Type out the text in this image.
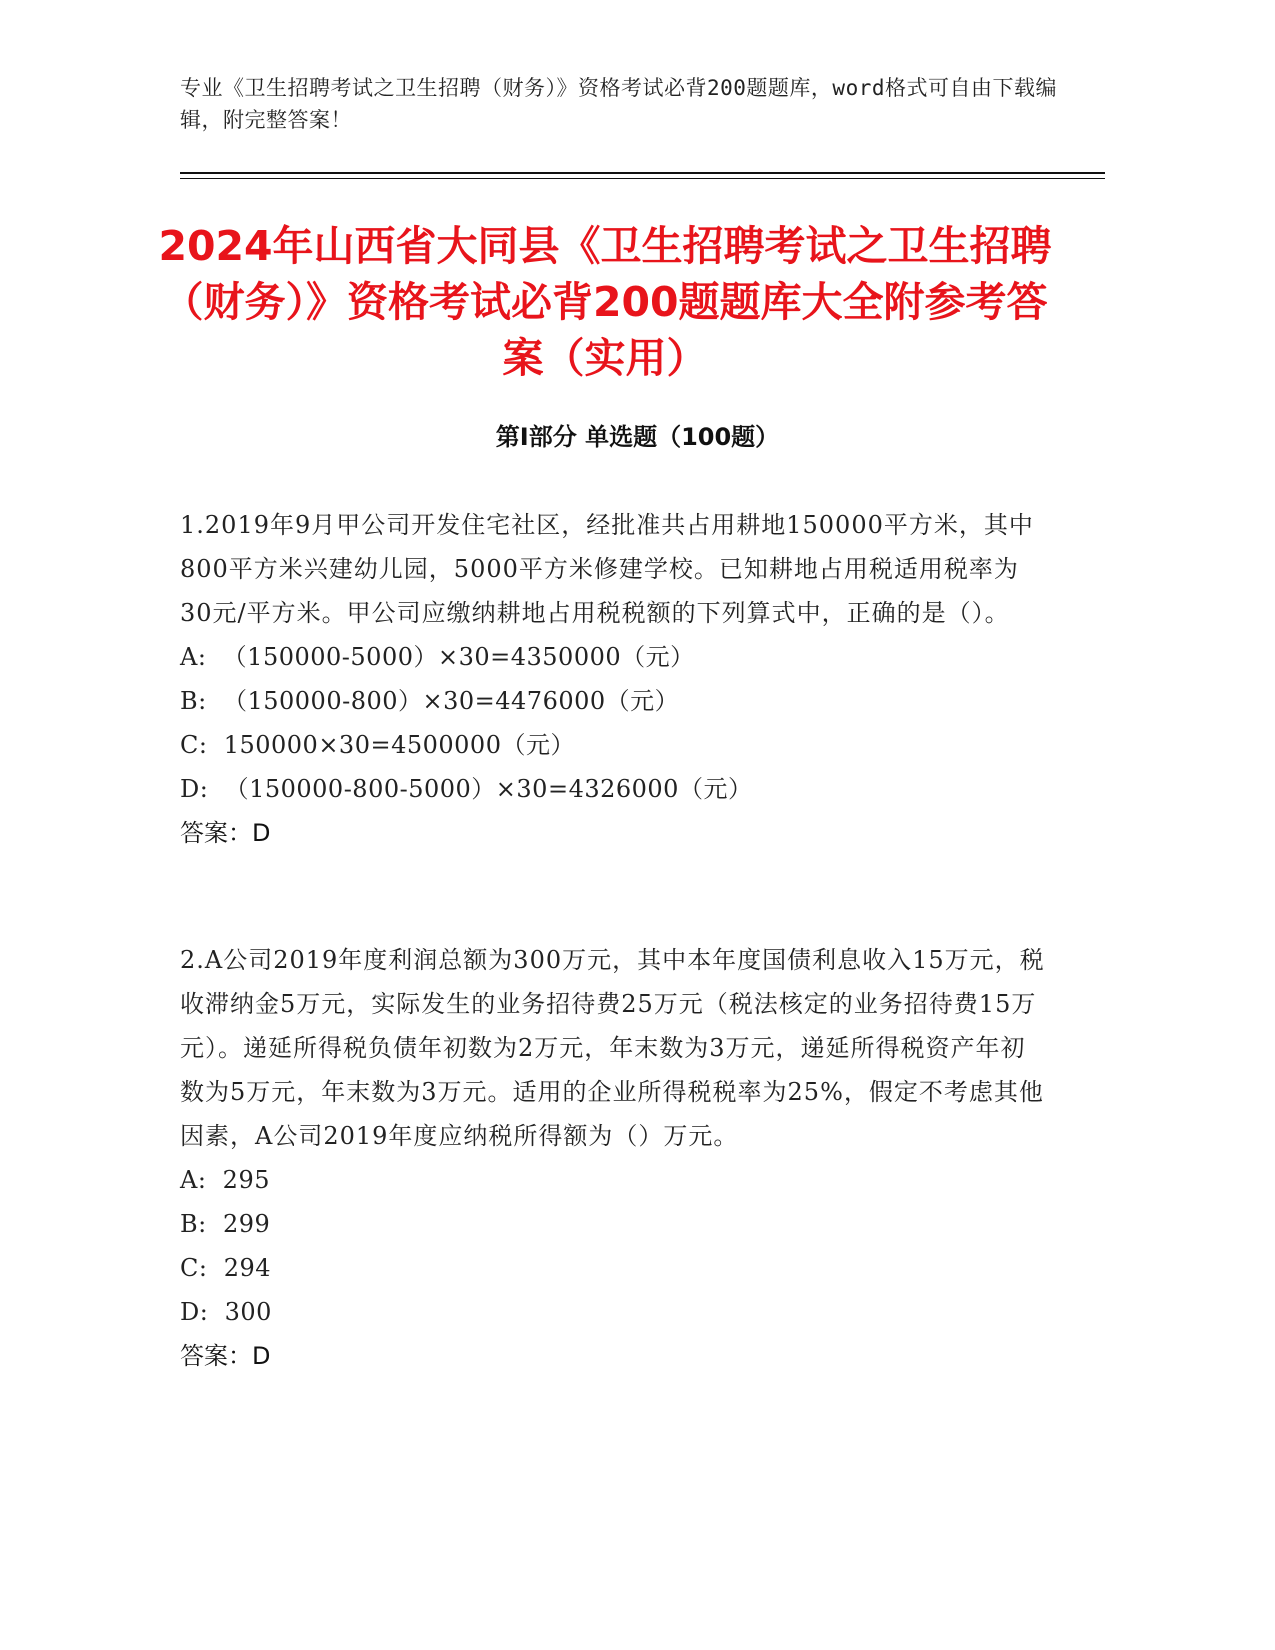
专业《卫生招聘考试之卫生招聘（财务）》资格考试必背200题题库，word格式可自由下载编辑，附完整答案！
2024年山西省大同县《卫生招聘考试之卫生招聘（财务）》资格考试必背200题题库大全附参考答案（实用）
第Ⅰ部分 单选题（100题）

1.2019年9月甲公司开发住宅社区，经批准共占用耕地150000平方米，其中800平方米兴建幼儿园，5000平方米修建学校。已知耕地占用税适用税率为30元/平方米。甲公司应缴纳耕地占用税税额的下列算式中，正确的是（）。

A:  （150000-5000）×30=4350000（元）

B:  （150000-800）×30=4476000（元）

C:  150000×30=4500000（元）

D:  （150000-800-5000）×30=4326000（元）

答案：D

2.A公司2019年度利润总额为300万元，其中本年度国债利息收入15万元，税收滞纳金5万元，实际发生的业务招待费25万元（税法核定的业务招待费15万元）。递延所得税负债年初数为2万元，年末数为3万元，递延所得税资产年初数为5万元，年末数为3万元。适用的企业所得税税率为25%，假定不考虑其他因素，A公司2019年度应纳税所得额为（）万元。

A:  295

B:  299

C:  294

D:  300

答案：D
